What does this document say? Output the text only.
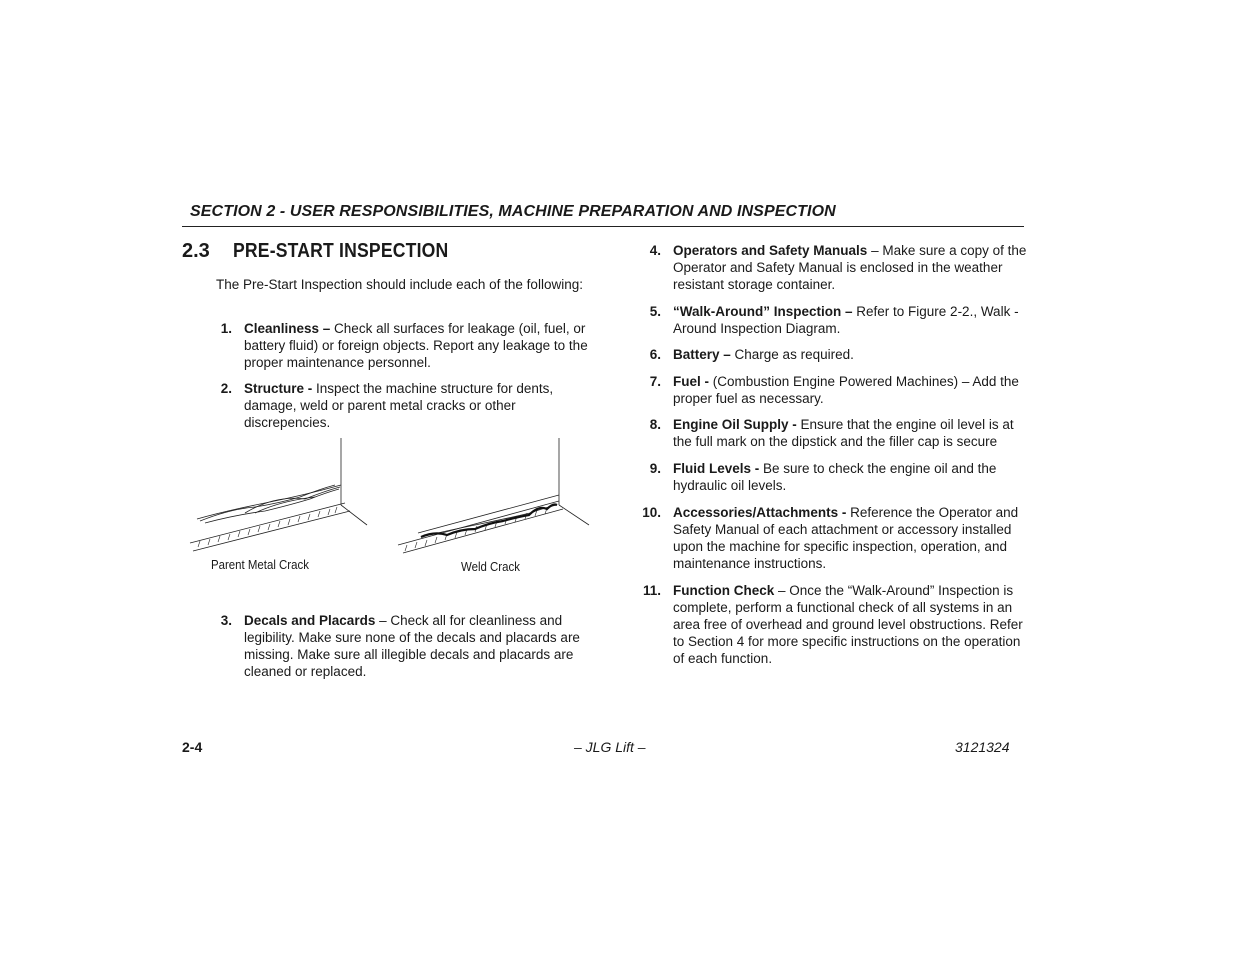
SECTION 2 - USER RESPONSIBILITIES, MACHINE PREPARATION AND INSPECTION
2.3 PRE-START INSPECTION
The Pre-Start Inspection should include each of the following:
1. Cleanliness – Check all surfaces for leakage (oil, fuel, or battery fluid) or foreign objects. Report any leakage to the proper maintenance personnel.
2. Structure - Inspect the machine structure for dents, damage, weld or parent metal cracks or other discrepencies.
Parent Metal Crack	Weld Crack
3. Decals and Placards – Check all for cleanliness and legibility. Make sure none of the decals and placards are missing. Make sure all illegible decals and placards are cleaned or replaced.
4. Operators and Safety Manuals – Make sure a copy of the Operator and Safety Manual is enclosed in the weather resistant storage container.
5. “Walk-Around” Inspection – Refer to Figure 2-2., Walk - Around Inspection Diagram.
6. Battery – Charge as required.
7. Fuel - (Combustion Engine Powered Machines) – Add the proper fuel as necessary.
8. Engine Oil Supply - Ensure that the engine oil level is at the full mark on the dipstick and the filler cap is secure
9. Fluid Levels - Be sure to check the engine oil and the hydraulic oil levels.
10. Accessories/Attachments - Reference the Operator and Safety Manual of each attachment or accessory installed upon the machine for specific inspection, operation, and maintenance instructions.
11. Function Check – Once the “Walk-Around” Inspection is complete, perform a functional check of all systems in an area free of overhead and ground level obstructions. Refer to Section 4 for more specific instructions on the operation of each function.
2-4	– JLG Lift –	3121324
